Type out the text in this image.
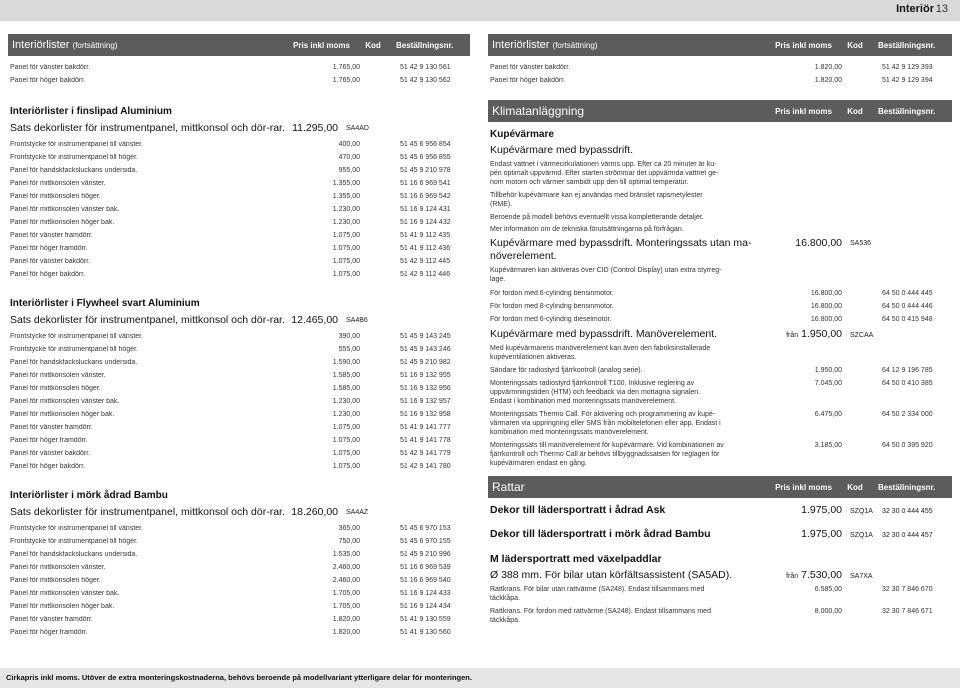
Interiör 13
Interiörlister (fortsättning)	Pris inkl moms	Kod	Beställningsnr.
Panel för vänster bakdörr.	1.765,00	51 42 9 130 561
Panel för höger bakdörr.	1.765,00	51 42 9 130 562
Interiörlister i finslipad Aluminium
Sats dekorlister för instrumentpanel, mittkonsol och dör-rar. 11.295,00	SA4AD
Frontstycke för instrumentpanel till vänster.	400,00	51 45 6 956 854
Frontstycke för instrumentpanel till höger.	470,00	51 45 6 956 855
Panel för handskfacksluckans undersida.	955,00	51 45 9 210 978
Panel för mittkonsolen vänster.	1.355,00	51 16 6 969 541
Panel för mittkonsolen höger.	1.355,00	51 16 6 969 542
Panel för mittkonsolen vänster bak.	1.230,00	51 16 9 124 431
Panel för mittkonsolen höger bak.	1.230,00	51 16 9 124 432
Panel för vänster framdörr.	1.075,00	51 41 9 112 435
Panel för höger framdörr.	1.075,00	51 41 9 112 436
Panel för vänster bakdörr.	1.075,00	51 42 9 112 445
Panel för höger bakdörr.	1.075,00	51 42 9 112 446
Interiörlister i Flywheel svart Aluminium
Sats dekorlister för instrumentpanel, mittkonsol och dör-rar. 12.465,00	SA4B6
Frontstycke för instrumentpanel till vänster.	390,00	51 45 9 143 245
Frontstycke för instrumentpanel till höger.	555,00	51 45 9 143 246
Panel för handskfacksluckans undersida.	1.590,00	51 45 9 210 982
Panel för mittkonsolen vänster.	1.585,00	51 16 9 132 955
Panel för mittkonsolen höger.	1.585,00	51 16 9 132 956
Panel för mittkonsolen vänster bak.	1.230,00	51 16 9 132 957
Panel för mittkonsolen höger bak.	1.230,00	51 16 9 132 958
Panel för vänster framdörr.	1.075,00	51 41 9 141 777
Panel för höger framdörr.	1.075,00	51 41 9 141 778
Panel för vänster bakdörr.	1.075,00	51 42 9 141 779
Panel för höger bakdörr.	1.075,00	51 42 9 141 780
Interiörlister i mörk ådrad Bambu
Sats dekorlister för instrumentpanel, mittkonsol och dör-rar. 18.260,00	SA4AZ
Frontstycke för instrumentpanel till vänster.	365,00	51 45 6 970 153
Frontstycke för instrumentpanel till höger.	750,00	51 45 6 970 155
Panel för handskfacksluckans undersida.	1.535,00	51 45 9 210 996
Panel för mittkonsolen vänster.	2.460,00	51 16 6 969 539
Panel för mittkonsolen höger.	2.460,00	51 16 6 969 540
Panel för mittkonsolen vänster bak.	1.705,00	51 16 9 124 433
Panel för mittkonsolen höger bak.	1.705,00	51 16 9 124 434
Panel för vänster framdörr.	1.820,00	51 41 9 130 559
Panel för höger framdörr.	1.820,00	51 41 9 130 560
Interiörlister (fortsättning)	Pris inkl moms	Kod	Beställningsnr.
Panel för vänster bakdörr.	1.820,00	51 42 9 129 393
Panel för höger bakdörr.	1.820,00	51 42 9 129 394
Klimatanläggning	Pris inkl moms	Kod	Beställningsnr.
Kupévärmare
Kupévärmare med bypassdrift.
Endast vattnet i värmecirkulationen värms upp. Efter ca 20 minuter är ku-
pén optimalt uppvärmd. Efter starten strömmar det uppvärmda vattnet ge-
nom motorn och värmer sambidt upp den till optimal temperatur.
Tillbehör kupévärmare kan ej användas med bränslet rapsmetylester
(RME).
Beroende på modell behövs eventuellt vissa kompletterande detaljer.
Mer information om de tekniska förutsättningarna på förfrågan.
Kupévärmare med bypassdrift. Monteringssats utan ma-
növerelement.
16.800,00	SA536
Kupévärmaren kan aktiveras över CID (Control Display) utan extra styrreg-
lage.
För fordon med 6-cylindrig bensinmotor.	16.800,00	64 50 0 444 445
För fordon med 8-cylindrig bensinmotor.	16.800,00	64 50 0 444 446
För fordon med 6-cylindrig dieselmotor.	16.800,00	64 50 0 415 948
Kupévärmare med bypassdrift. Manöverelement.	från 1.950,00	SZCAA
Med kupévärmarens manöverelement kan även den fabriksinstallerade
kupéventilationen aktiveras.
Sändare för radiostyrd fjärrkontroll (analog serie).	1.950,00	64 12 9 196 785
Monteringssats radiostyrd fjärrkontroll T100. Inklusive reglering av
uppvärmningstiden (HTM) och feedback via den mottagna signalen.
Endast i kombination med monteringssats manöverelement.
7.045,00	64 50 0 410 385
Monteringssats Thermo Call. För aktivering och programmering av kupé-
värmaren via uppringning eller SMS från mobiltelefonen eller app. Endast i
kombination med monteringssats manöverelement.
6.475,00	64 50 2 334 000
Monteringssats till manöverelement för kupévärmare. Vid kombinationen av
fjärrkontroll och Thermo Call är behövs tillbyggnadssatsen för reglagen för
kupévärmaren endast en gång.
3.185,00	64 50 0 395 920
Rattar	Pris inkl moms	Kod	Beställningsnr.
Dekor till lädersportratt i ådrad Ask	1.975,00	SZQ1A	32 30 0 444 455
Dekor till lädersportratt i mörk ådrad Bambu	1.975,00	SZQ1A	32 30 0 444 457
M lädersportratt med växelpaddlar
Ø 388 mm. För bilar utan körfältsassistent (SA5AD).	från 7.530,00	SA7XA
Rattkrans. För bilar utan rattvärme (SA248). Endast tillsammans med
täckkåpa.
6.585,00	32 30 7 846 670
Rattkrans. För fordon med rattvärme (SA248). Endast tillsammans med
täckkåpa.
8.000,00	32 30 7 846 671
Cirkapris inkl moms. Utöver de extra monteringskostnaderna, behövs beroende på modellvariant ytterligare delar för monteringen.
